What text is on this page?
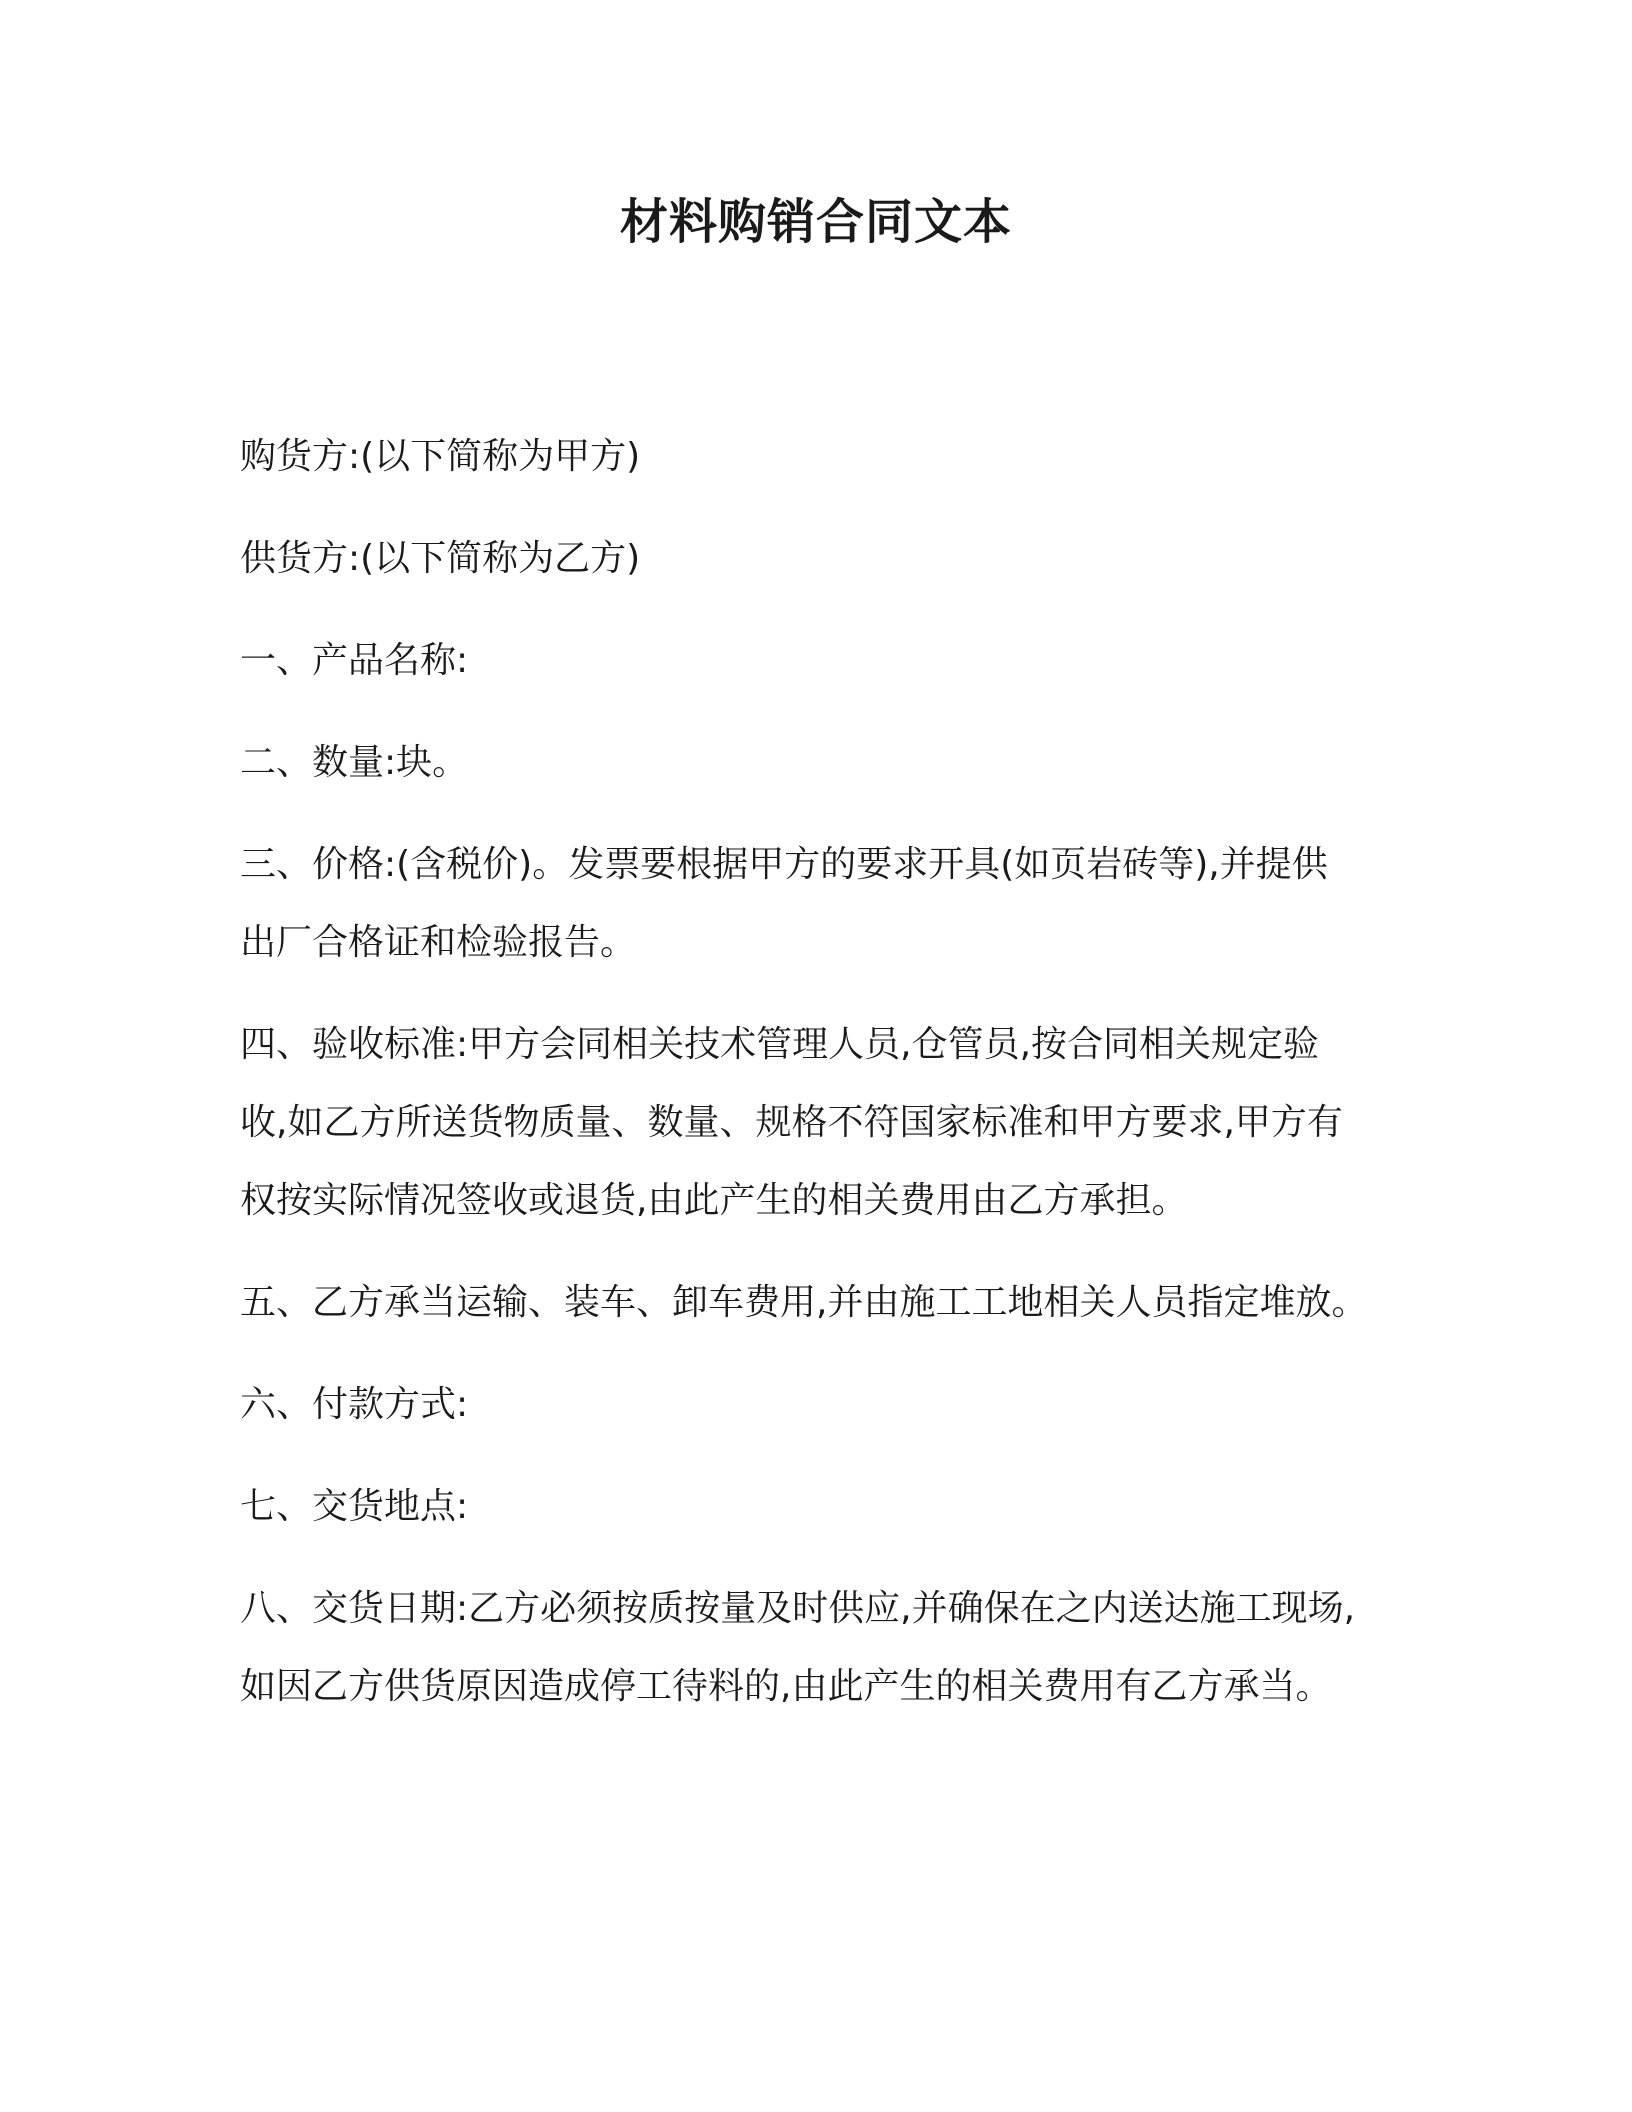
材料购销合同文本
购货方:(以下简称为甲方)
供货方:(以下简称为乙方)
一、产品名称:
二、数量:块。
三、价格:(含税价)。发票要根据甲方的要求开具(如页岩砖等),并提供
出厂合格证和检验报告。
四、验收标准:甲方会同相关技术管理人员,仓管员,按合同相关规定验
收,如乙方所送货物质量、数量、规格不符国家标准和甲方要求,甲方有
权按实际情况签收或退货,由此产生的相关费用由乙方承担。
五、乙方承当运输、装车、卸车费用,并由施工工地相关人员指定堆放。
六、付款方式:
七、交货地点:
八、交货日期:乙方必须按质按量及时供应,并确保在之内送达施工现场,
如因乙方供货原因造成停工待料的,由此产生的相关费用有乙方承当。
